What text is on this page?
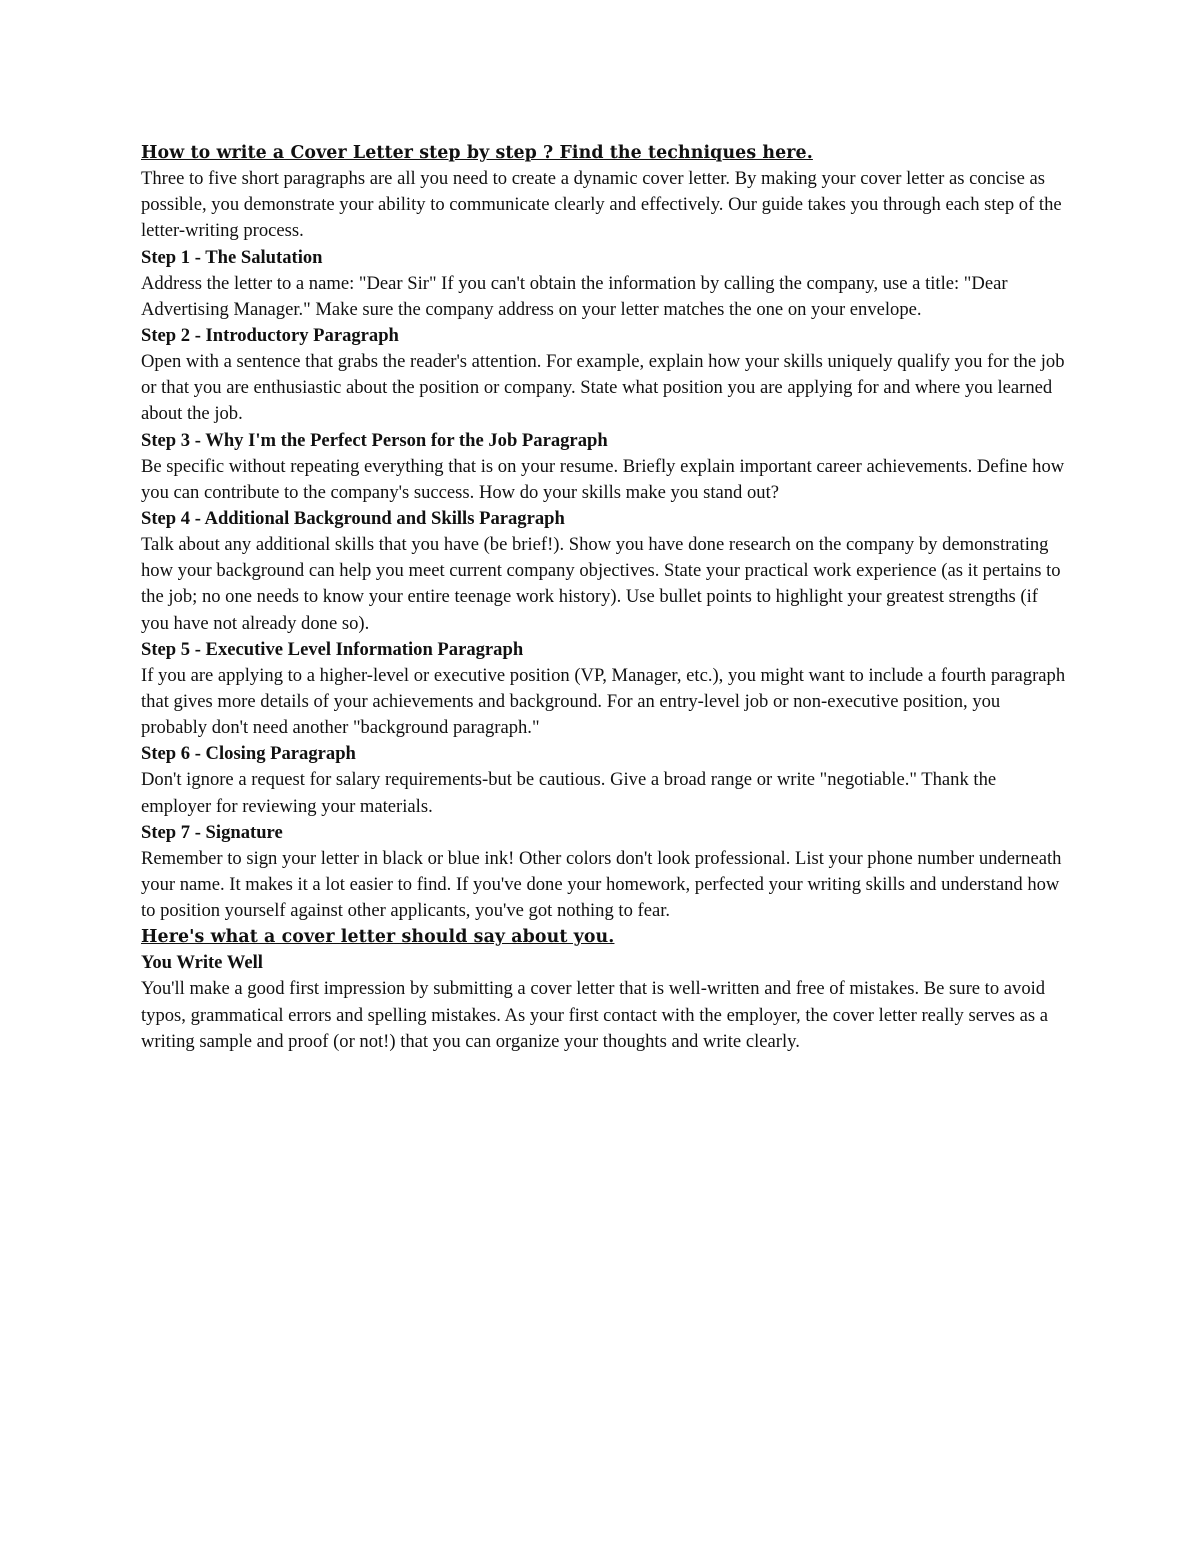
How to write a Cover Letter step by step ? Find the techniques here.

Three to five short paragraphs are all you need to create a dynamic cover letter. By making your cover letter as concise as possible, you demonstrate your ability to communicate clearly and effectively. Our guide takes you through each step of the letter-writing process.

Step 1 - The Salutation

Address the letter to a name: "Dear Sir" If you can't obtain the information by calling the company, use a title: "Dear Advertising Manager." Make sure the company address on your letter matches the one on your envelope.

Step 2 - Introductory Paragraph

Open with a sentence that grabs the reader's attention. For example, explain how your skills uniquely qualify you for the job or that you are enthusiastic about the position or company. State what position you are applying for and where you learned about the job.

Step 3 - Why I'm the Perfect Person for the Job Paragraph

Be specific without repeating everything that is on your resume. Briefly explain important career achievements. Define how you can contribute to the company's success. How do your skills make you stand out?

Step 4 - Additional Background and Skills Paragraph

Talk about any additional skills that you have (be brief!). Show you have done research on the company by demonstrating how your background can help you meet current company objectives. State your practical work experience (as it pertains to the job; no one needs to know your entire teenage work history). Use bullet points to highlight your greatest strengths (if you have not already done so).

Step 5 - Executive Level Information Paragraph

If you are applying to a higher-level or executive position (VP, Manager, etc.), you might want to include a fourth paragraph that gives more details of your achievements and background. For an entry-level job or non-executive position, you probably don't need another "background paragraph."

Step 6 - Closing Paragraph

Don't ignore a request for salary requirements-but be cautious. Give a broad range or write "negotiable." Thank the employer for reviewing your materials.

Step 7 - Signature

Remember to sign your letter in black or blue ink! Other colors don't look professional. List your phone number underneath your name. It makes it a lot easier to find. If you've done your homework, perfected your writing skills and understand how to position yourself against other applicants, you've got nothing to fear.

Here's what a cover letter should say about you.

You Write Well

You'll make a good first impression by submitting a cover letter that is well-written and free of mistakes. Be sure to avoid typos, grammatical errors and spelling mistakes. As your first contact with the employer, the cover letter really serves as a writing sample and proof (or not!) that you can organize your thoughts and write clearly.
